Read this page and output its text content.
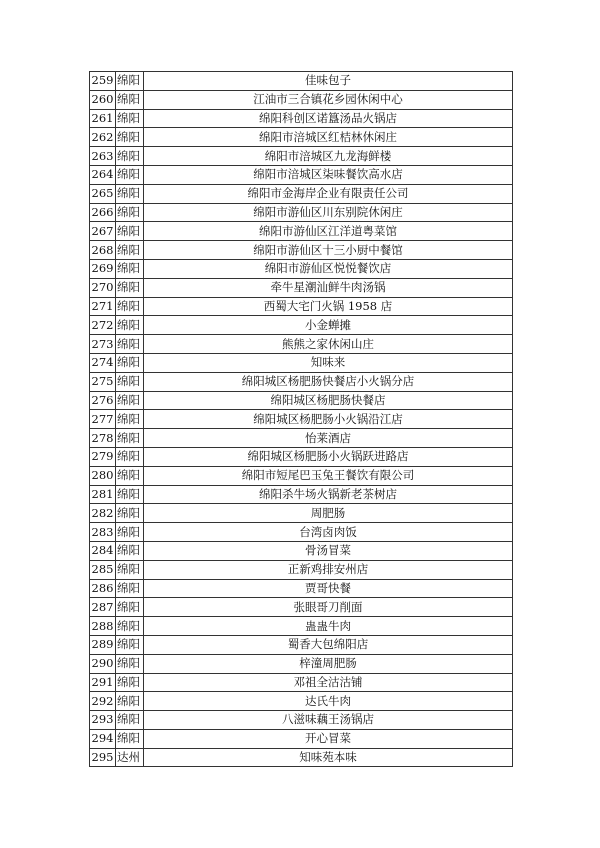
259	绵阳	佳味包子
260	绵阳	江油市三合镇花乡园休闲中心
261	绵阳	绵阳科创区诺簋汤品火锅店
262	绵阳	绵阳市涪城区红桔林休闲庄
263	绵阳	绵阳市涪城区九龙海鲜楼
264	绵阳	绵阳市涪城区柒味餐饮高水店
265	绵阳	绵阳市金海岸企业有限责任公司
266	绵阳	绵阳市游仙区川东别院休闲庄
267	绵阳	绵阳市游仙区江洋道粤菜馆
268	绵阳	绵阳市游仙区十三小厨中餐馆
269	绵阳	绵阳市游仙区悦悦餐饮店
270	绵阳	牵牛星潮汕鲜牛肉汤锅
271	绵阳	西蜀大宅门火锅 1958 店
272	绵阳	小金蝉摊
273	绵阳	熊熊之家休闲山庄
274	绵阳	知味来
275	绵阳	绵阳城区杨肥肠快餐店小火锅分店
276	绵阳	绵阳城区杨肥肠快餐店
277	绵阳	绵阳城区杨肥肠小火锅沿江店
278	绵阳	怡莱酒店
279	绵阳	绵阳城区杨肥肠小火锅跃进路店
280	绵阳	绵阳市短尾巴玉兔王餐饮有限公司
281	绵阳	绵阳杀牛场火锅新老茶树店
282	绵阳	周肥肠
283	绵阳	台湾卤肉饭
284	绵阳	骨汤冒菜
285	绵阳	正新鸡排安州店
286	绵阳	贾哥快餐
287	绵阳	张眼哥刀削面
288	绵阳	蛊蛊牛肉
289	绵阳	蜀香大包绵阳店
290	绵阳	梓潼周肥肠
291	绵阳	邓祖全沽沽铺
292	绵阳	达氏牛肉
293	绵阳	八滋味藕王汤锅店
294	绵阳	开心冒菜
295	达州	知味苑本味
